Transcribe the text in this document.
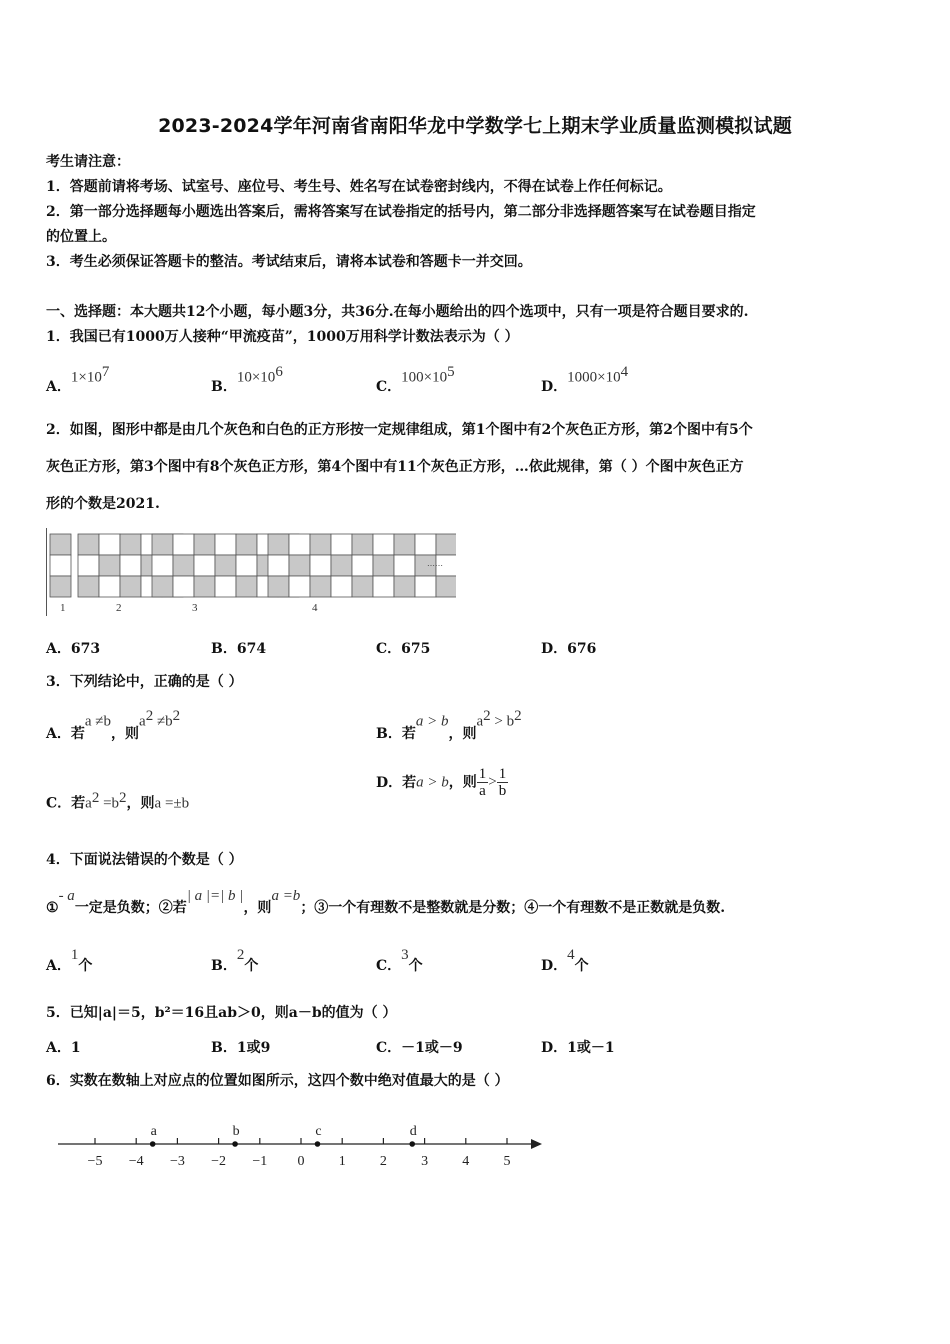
2023-2024学年河南省南阳华龙中学数学七上期末学业质量监测模拟试题
考生请注意：
1．答题前请将考场、试室号、座位号、考生号、姓名写在试卷密封线内，不得在试卷上作任何标记。
2．第一部分选择题每小题选出答案后，需将答案写在试卷指定的括号内，第二部分非选择题答案写在试卷题目指定
的位置上。
3．考生必须保证答题卡的整洁。考试结束后，请将本试卷和答题卡一并交回。
一、选择题：本大题共12个小题，每小题3分，共36分.在每小题给出的四个选项中，只有一项是符合题目要求的.
1．我国已有1000万人接种“甲流疫苗”，1000万用科学计数法表示为（ ）
A．$1\times 10^7$
B．$10\times 10^6$
C．$100\times 10^5$
D．$1000\times 10^4$
2．如图，图形中都是由几个灰色和白色的正方形按一定规律组成，第1个图中有2个灰色正方形，第2个图中有5个
灰色正方形，第3个图中有8个灰色正方形，第4个图中有11个灰色正方形，…依此规律，第（ ）个图中灰色正方
形的个数是2021.
1	2	3	4
……
A．673	B．674	C．675	D．676
3．下列结论中，正确的是（ ）
A．若a ≠b，则$a^2 \ne b^2$
B．若a > b，则$a^2 > b^2$
C．若$a^2 =b^2$，则a =±b
D．若a > b，则 $\frac{1}{a} > \frac{1}{b}$
4．下面说法错误的个数是（ ）
①- a一定是负数；②若| a |=| b |，则a =b；③一个有理数不是整数就是分数；④一个有理数不是正数就是负数.
A．1个	B．2个	C．3个	D．4个
5．已知|a|＝5，b²＝16且ab＞0，则a－b的值为（ ）
A．1	B．1或9	C．－1或－9	D．1或－1
6．实数在数轴上对应点的位置如图所示，这四个数中绝对值最大的是（ ）
−5 −4 −3 −2 −1 0 1 2 3 4 5
a	b	c	d
